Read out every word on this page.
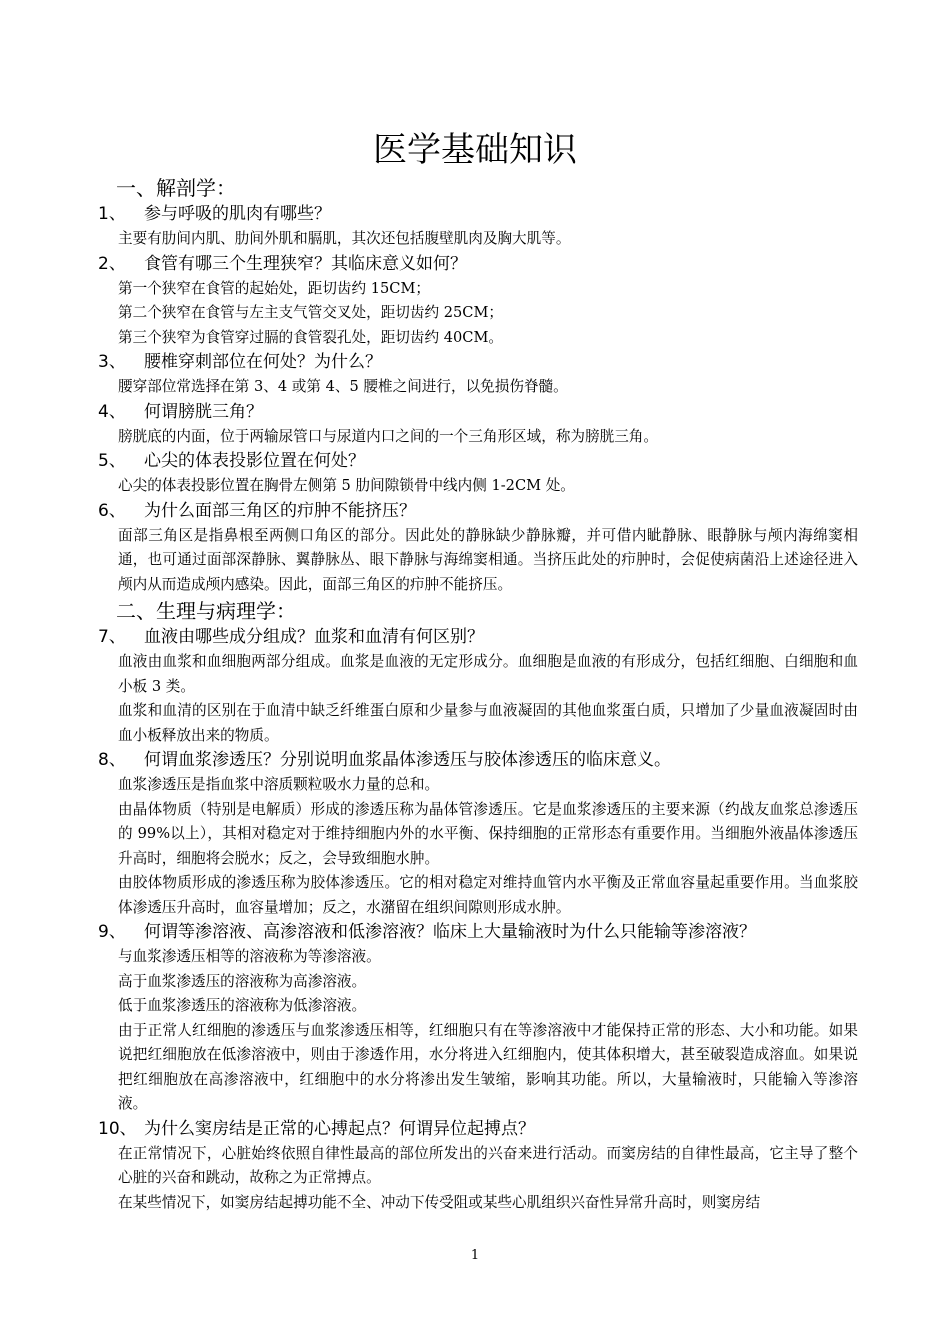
医学基础知识
一、解剖学：
1、 参与呼吸的肌肉有哪些？

主要有肋间内肌、肋间外肌和膈肌，其次还包括腹壁肌肉及胸大肌等。

2、 食管有哪三个生理狭窄？其临床意义如何？

第一个狭窄在食管的起始处，距切齿约 15CM；

第二个狭窄在食管与左主支气管交叉处，距切齿约 25CM；

第三个狭窄为食管穿过膈的食管裂孔处，距切齿约 40CM。

3、 腰椎穿刺部位在何处？为什么？

腰穿部位常选择在第 3、4 或第 4、5 腰椎之间进行，以免损伤脊髓。

4、 何谓膀胱三角？

膀胱底的内面，位于两输尿管口与尿道内口之间的一个三角形区域，称为膀胱三角。

5、 心尖的体表投影位置在何处？

心尖的体表投影位置在胸骨左侧第 5 肋间隙锁骨中线内侧 1-2CM 处。

6、 为什么面部三角区的疖肿不能挤压？

面部三角区是指鼻根至两侧口角区的部分。因此处的静脉缺少静脉瓣，并可借内眦静脉、眼静脉与颅内海绵窦相通，也可通过面部深静脉、翼静脉丛、眼下静脉与海绵窦相通。当挤压此处的疖肿时，会促使病菌沿上述途径进入颅内从而造成颅内感染。因此，面部三角区的疖肿不能挤压。

二、生理与病理学：
7、 血液由哪些成分组成？血浆和血清有何区别？

血液由血浆和血细胞两部分组成。血浆是血液的无定形成分。血细胞是血液的有形成分，包括红细胞、白细胞和血小板 3 类。

血浆和血清的区别在于血清中缺乏纤维蛋白原和少量参与血液凝固的其他血浆蛋白质，只增加了少量血液凝固时由血小板释放出来的物质。

8、 何谓血浆渗透压？分别说明血浆晶体渗透压与胶体渗透压的临床意义。

血浆渗透压是指血浆中溶质颗粒吸水力量的总和。

由晶体物质（特别是电解质）形成的渗透压称为晶体管渗透压。它是血浆渗透压的主要来源（约战友血浆总渗透压的 99%以上），其相对稳定对于维持细胞内外的水平衡、保持细胞的正常形态有重要作用。当细胞外液晶体渗透压升高时，细胞将会脱水；反之，会导致细胞水肿。

由胶体物质形成的渗透压称为胶体渗透压。它的相对稳定对维持血管内水平衡及正常血容量起重要作用。当血浆胶体渗透压升高时，血容量增加；反之，水潴留在组织间隙则形成水肿。

9、 何谓等渗溶液、高渗溶液和低渗溶液？临床上大量输液时为什么只能输等渗溶液？

与血浆渗透压相等的溶液称为等渗溶液。

高于血浆渗透压的溶液称为高渗溶液。

低于血浆渗透压的溶液称为低渗溶液。

由于正常人红细胞的渗透压与血浆渗透压相等，红细胞只有在等渗溶液中才能保持正常的形态、大小和功能。如果说把红细胞放在低渗溶液中，则由于渗透作用，水分将进入红细胞内，使其体积增大，甚至破裂造成溶血。如果说把红细胞放在高渗溶液中，红细胞中的水分将渗出发生皱缩，影响其功能。所以，大量输液时，只能输入等渗溶液。

10、 为什么窦房结是正常的心搏起点？何谓异位起搏点？

在正常情况下，心脏始终依照自律性最高的部位所发出的兴奋来进行活动。而窦房结的自律性最高，它主导了整个心脏的兴奋和跳动，故称之为正常搏点。

在某些情况下，如窦房结起搏功能不全、冲动下传受阻或某些心肌组织兴奋性异常升高时，则窦房结

1
